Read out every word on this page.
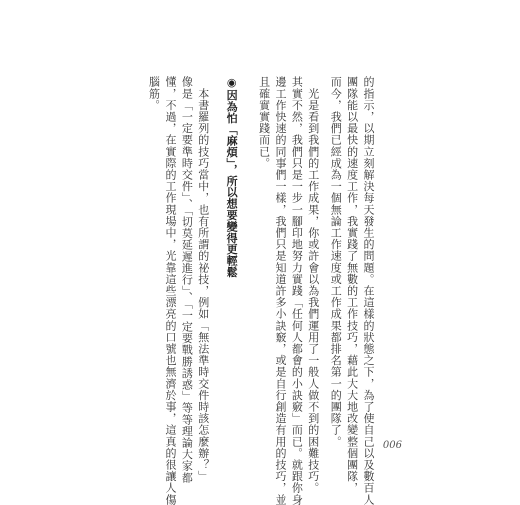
的指示，以期立刻解決每天發生的問題。在這樣的狀態之下，為了使自己以及數百人
團隊能以最快的速度工作，我實踐了無數的工作技巧，藉此大大地改變整個團隊，
而今，我們已經成為一個無論工作速度或工作成果都排名第一的團隊了。
　光是看到我們的工作成果，你或許會以為我們運用了一般人做不到的困難技巧。
其實不然，我們只是一步一腳印地努力實踐「任何人都會的小訣竅」而已。就跟你身
邊工作快速的同事們一樣，我們只是知道許多小訣竅，或是自行創造有用的技巧，並
且確實實踐而已。
◉因為怕「麻煩」，所以想要變得更輕鬆
　本書羅列的技巧當中，也有所謂的祕技，例如「無法準時交件時該怎麼辦？」
像是「一定要準時交件」、「切莫延遲進行」、「一定要戰勝誘惑」等等理論大家都
懂，不過，在實際的工作現場中，光靠這些漂亮的口號也無濟於事，這真的很讓人傷
腦筋。
006
